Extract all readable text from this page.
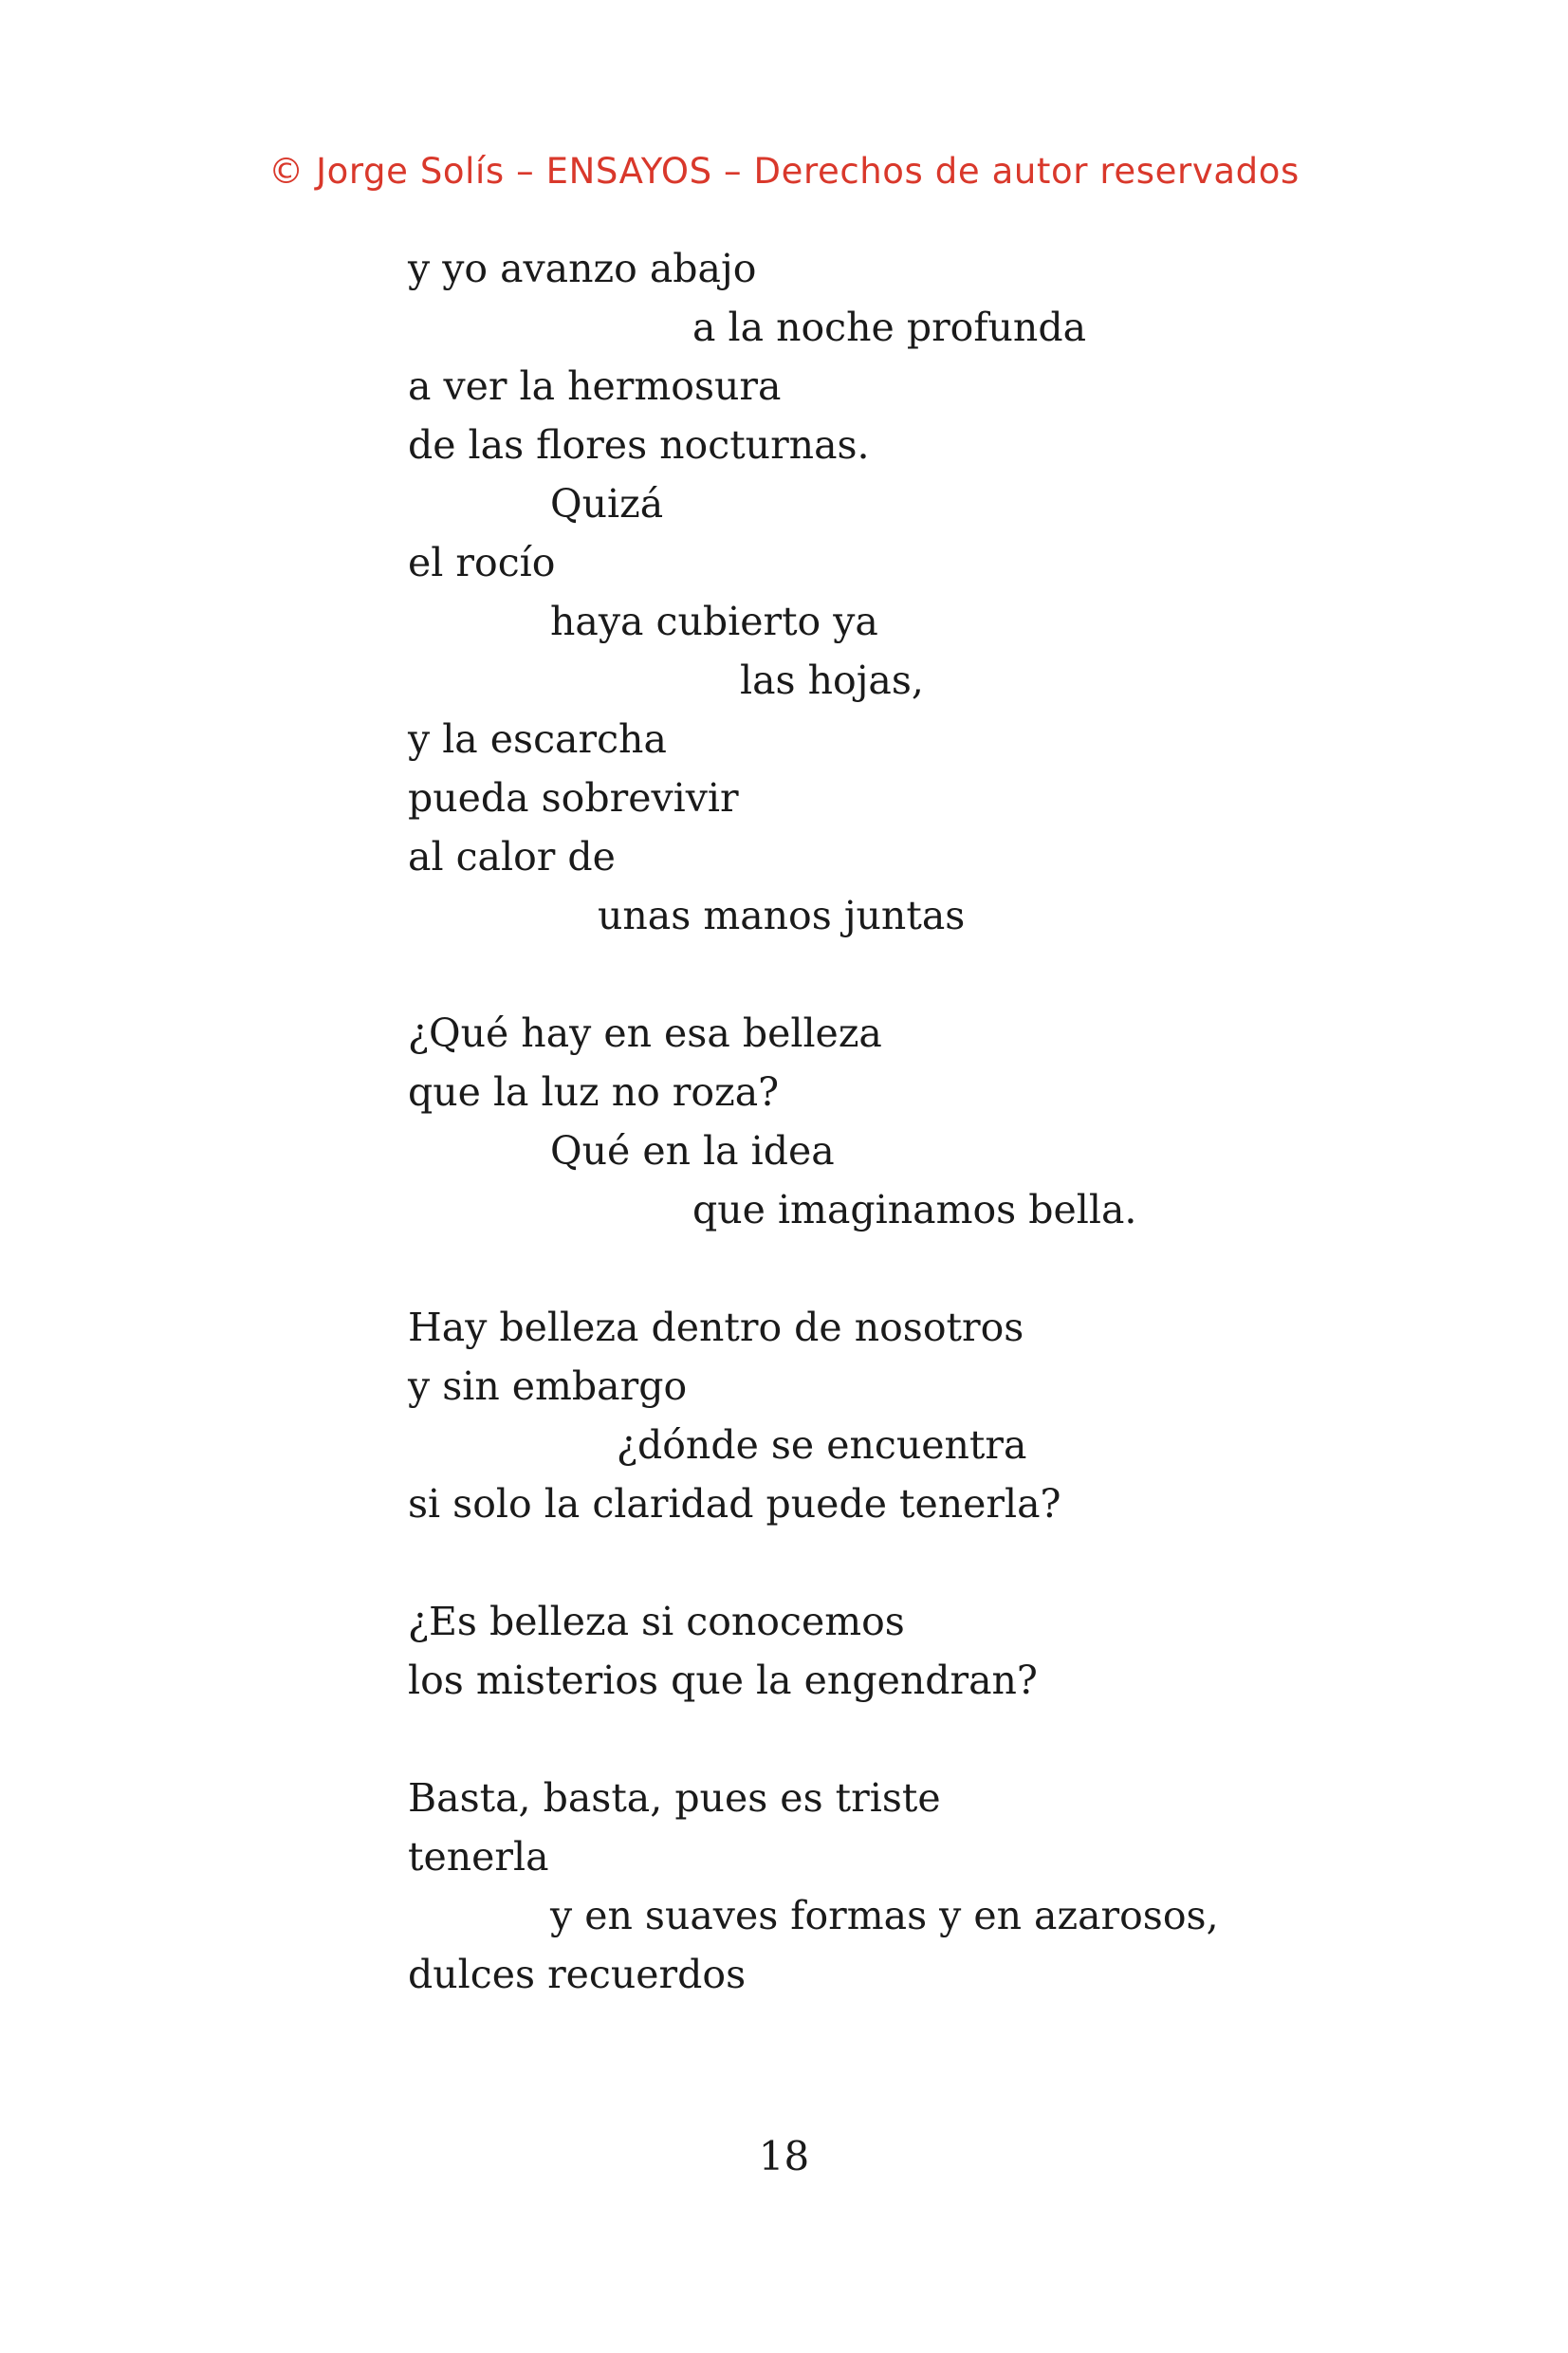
© Jorge Solís – ENSAYOS – Derechos de autor reservados
y yo avanzo abajo
a la noche profunda
a ver la hermosura
de las flores nocturnas.
Quizá
el rocío
haya cubierto ya
las hojas,
y la escarcha
pueda sobrevivir
al calor de
unas manos juntas
¿Qué hay en esa belleza
que la luz no roza?
Qué en la idea
que imaginamos bella.
Hay belleza dentro de nosotros
y sin embargo
¿dónde se encuentra
si solo la claridad puede tenerla?
¿Es belleza si conocemos
los misterios que la engendran?
Basta, basta, pues es triste
tenerla
y en suaves formas y en azarosos,
dulces recuerdos
18
